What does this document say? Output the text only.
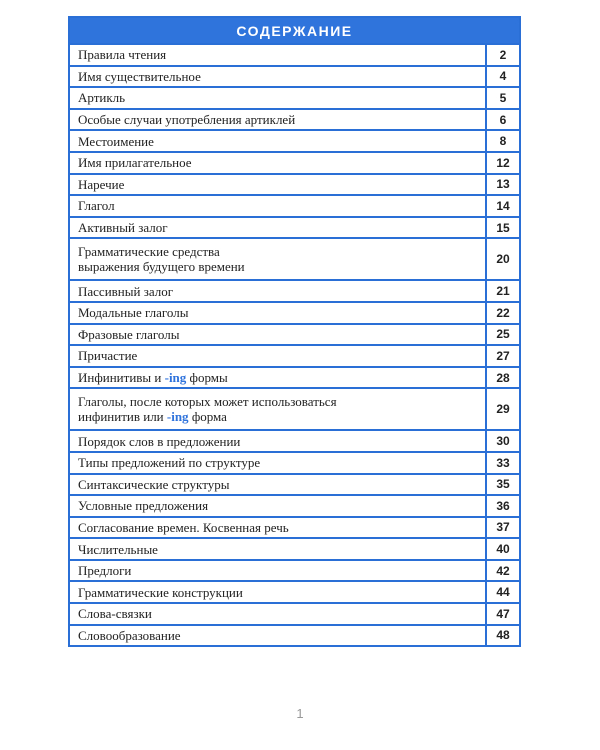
СОДЕРЖАНИЕ
Правила чтения	2
Имя существительное	4
Артикль	5
Особые случаи употребления артиклей	6
Местоимение	8
Имя прилагательное	12
Наречие	13
Глагол	14
Активный залог	15
Грамматические средства
выражения будущего времени	20
Пассивный залог	21
Модальные глаголы	22
Фразовые глаголы	25
Причастие	27
Инфинитивы и -ing формы	28
Глаголы, после которых может использоваться
инфинитив или -ing форма	29
Порядок слов в предложении	30
Типы предложений по структуре	33
Синтаксические структуры	35
Условные предложения	36
Согласование времен. Косвенная речь	37
Числительные	40
Предлоги	42
Грамматические конструкции	44
Слова-связки	47
Словообразование	48
1
